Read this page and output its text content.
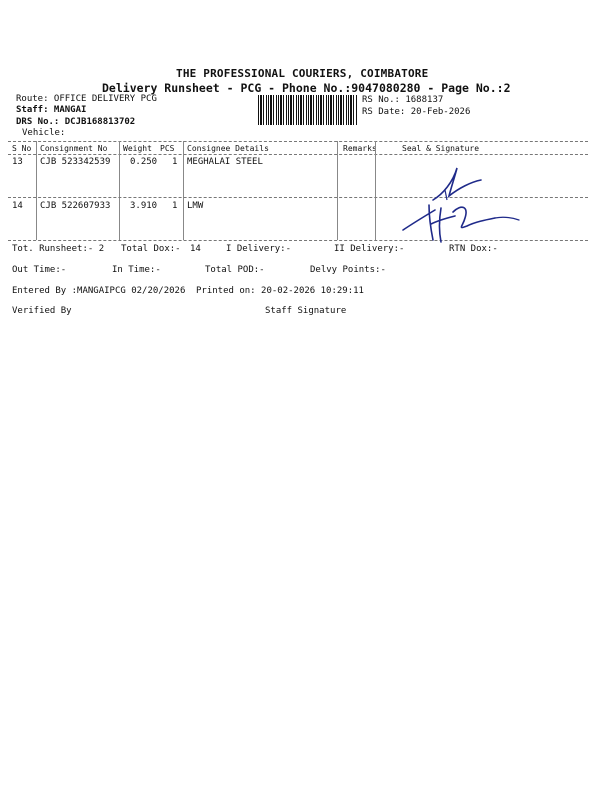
THE PROFESSIONAL COURIERS, COIMBATORE
Delivery Runsheet - PCG - Phone No.:9047080280 - Page No.:2
Route: OFFICE DELIVERY PCG
Staff: MANGAI
DRS No.: DCJB168813702
Vehicle:
RS No.: 1688137
RS Date: 20-Feb-2026
S No Consignment No Weight PCS Consignee Details	Remarks	Seal & Signature
13 CJB 523342539 0.250 1 MEGHALAI STEEL
14 CJB 522607933 3.910 1 LMW
Tot. Runsheet:- 2 Total Dox:- 14	I Delivery:-	II Delivery:-	RTN Dox:-
Out Time:-	In Time:-	Total POD:-	Delvy Points:-
Entered By :MANGAIPCG 02/20/2026 Printed on: 20-02-2026 10:29:11
Verified By	Staff Signature
